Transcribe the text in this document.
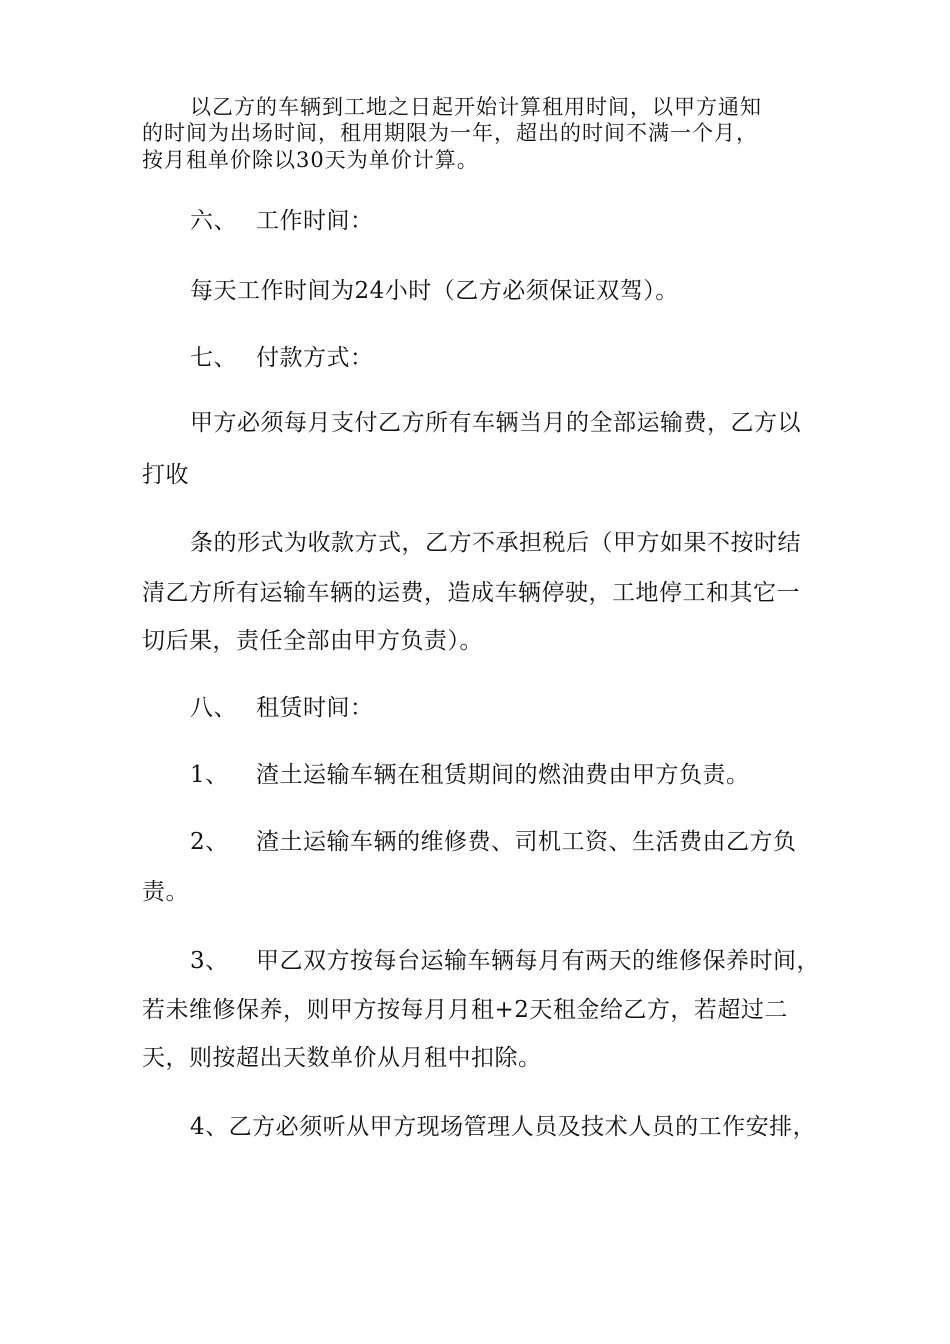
以乙方的车辆到工地之日起开始计算租用时间，以甲方通知
的时间为出场时间，租用期限为一年，超出的时间不满一个月，
按月租单价除以30天为单价计算。
六、 工作时间：
每天工作时间为24小时（乙方必须保证双驾）。
七、 付款方式：
甲方必须每月支付乙方所有车辆当月的全部运输费，乙方以
打收
条的形式为收款方式，乙方不承担税后（甲方如果不按时结
清乙方所有运输车辆的运费，造成车辆停驶，工地停工和其它一
切后果，责任全部由甲方负责）。
八、 租赁时间：
1、 渣土运输车辆在租赁期间的燃油费由甲方负责。
2、 渣土运输车辆的维修费、司机工资、生活费由乙方负
责。
3、 甲乙双方按每台运输车辆每月有两天的维修保养时间，
若未维修保养，则甲方按每月月租+2天租金给乙方，若超过二
天，则按超出天数单价从月租中扣除。
4、乙方必须听从甲方现场管理人员及技术人员的工作安排，
